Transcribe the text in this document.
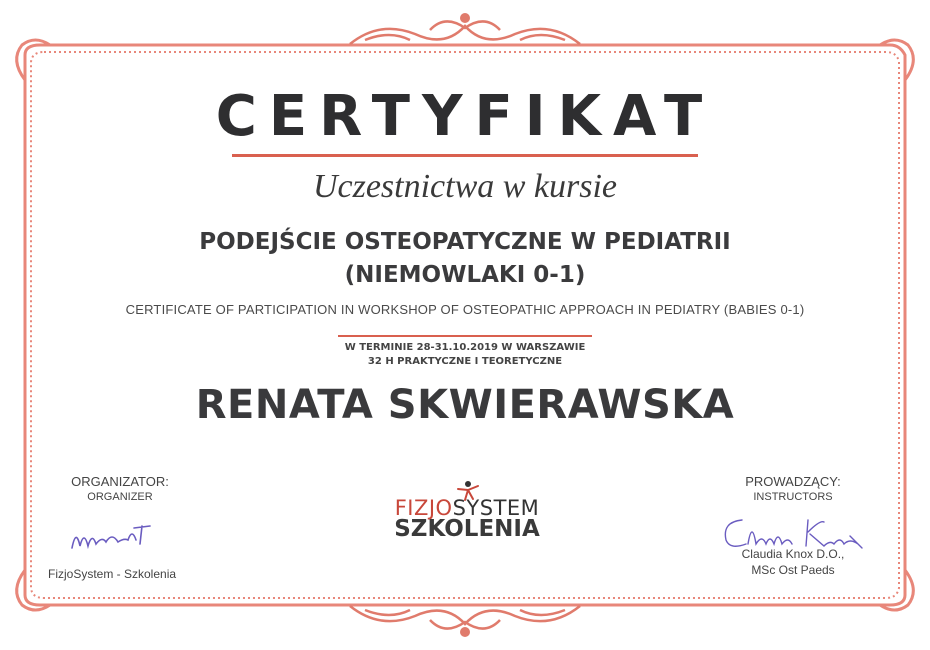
CERTYFIKAT
Uczestnictwa w kursie
PODEJŚCIE OSTEOPATYCZNE W PEDIATRII
(NIEMOWLAKI 0-1)
CERTIFICATE OF PARTICIPATION IN WORKSHOP OF OSTEOPATHIC APPROACH IN PEDIATRY (BABIES 0-1)
W TERMINIE 28-31.10.2019 W WARSZAWIE
32 H PRAKTYCZNE I TEORETYCZNE
RENATA SKWIERAWSKA
ORGANIZATOR:
ORGANIZER
FizjoSystem - Szkolenia
FIZJOSYSTEM
SZKOLENIA
PROWADZĄCY:
INSTRUCTORS
Claudia Knox D.O.,
MSc Ost Paeds
